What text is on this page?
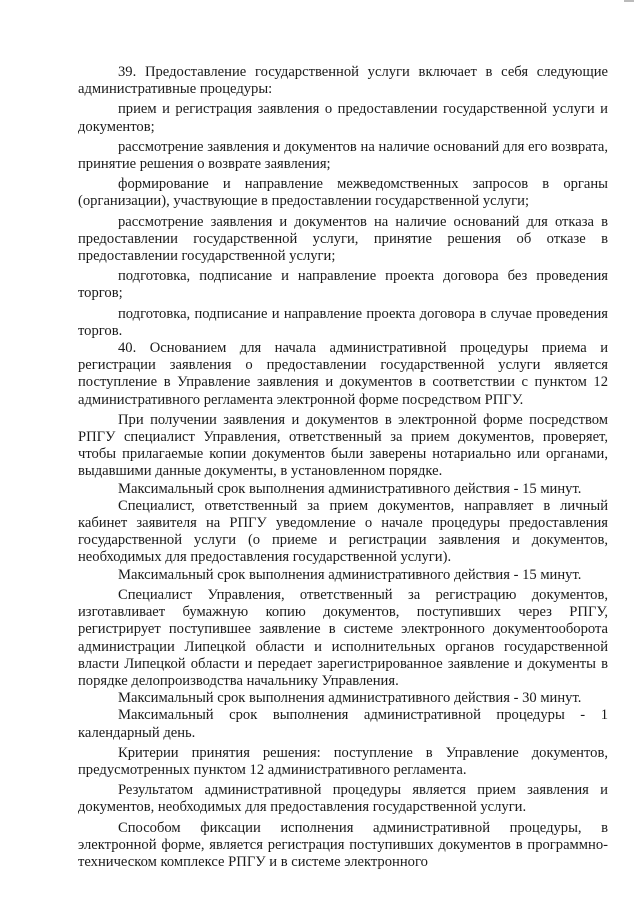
39. Предоставление государственной услуги включает в себя следующие административные процедуры:

прием и регистрация заявления о предоставлении государственной услуги и документов;

рассмотрение заявления и документов на наличие оснований для его возврата, принятие решения о возврате заявления;

формирование и направление межведомственных запросов в органы (организации), участвующие в предоставлении государственной услуги;

рассмотрение заявления и документов на наличие оснований для отказа в предоставлении государственной услуги, принятие решения об отказе в предоставлении государственной услуги;

подготовка, подписание и направление проекта договора без проведения торгов;

подготовка, подписание и направление проекта договора в случае проведения торгов.

40. Основанием для начала административной процедуры приема и регистрации заявления о предоставлении государственной услуги является поступление в Управление заявления и документов в соответствии с пунктом 12 административного регламента электронной форме посредством РПГУ.

При получении заявления и документов в электронной форме посредством РПГУ специалист Управления, ответственный за прием документов, проверяет, чтобы прилагаемые копии документов были заверены нотариально или органами, выдавшими данные документы, в установленном порядке.

Максимальный срок выполнения административного действия - 15 минут.

Специалист, ответственный за прием документов, направляет в личный кабинет заявителя на РПГУ уведомление о начале процедуры предоставления государственной услуги (о приеме и регистрации заявления и документов, необходимых для предоставления государственной услуги).

Максимальный срок выполнения административного действия - 15 минут.

Специалист Управления, ответственный за регистрацию документов, изготавливает бумажную копию документов, поступивших через РПГУ, регистрирует поступившее заявление в системе электронного документооборота администрации Липецкой области и исполнительных органов государственной власти Липецкой области и передает зарегистрированное заявление и документы в порядке делопроизводства начальнику Управления.

Максимальный срок выполнения административного действия - 30 минут.

Максимальный срок выполнения административной процедуры - 1 календарный день.

Критерии принятия решения: поступление в Управление документов, предусмотренных пунктом 12 административного регламента.

Результатом административной процедуры является прием заявления и документов, необходимых для предоставления государственной услуги.

Способом фиксации исполнения административной процедуры, в электронной форме, является регистрация поступивших документов в программно-техническом комплексе РПГУ и в системе электронного
